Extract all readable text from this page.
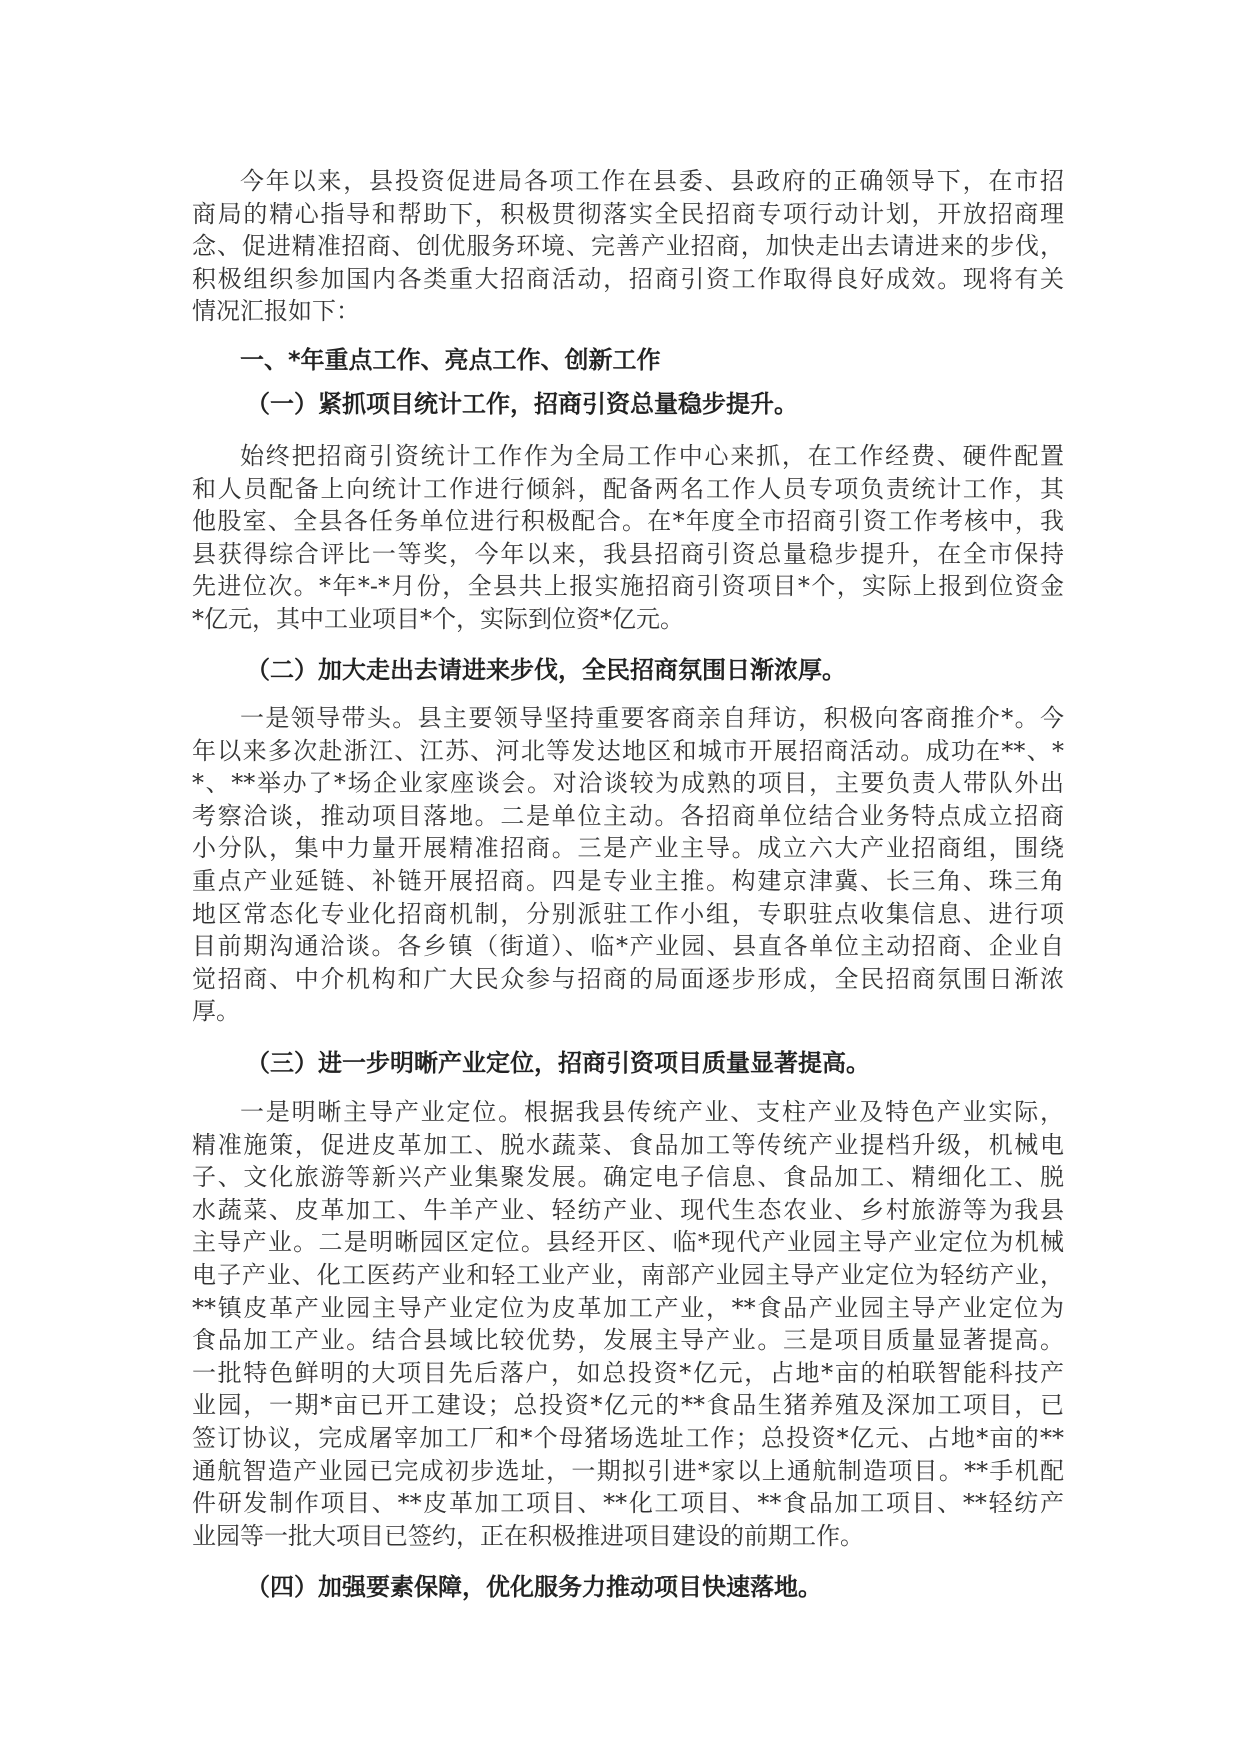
今年以来，县投资促进局各项工作在县委、县政府的正确领导下，在市招
商局的精心指导和帮助下，积极贯彻落实全民招商专项行动计划，开放招商理
念、促进精准招商、创优服务环境、完善产业招商，加快走出去请进来的步伐，
积极组织参加国内各类重大招商活动，招商引资工作取得良好成效。现将有关
情况汇报如下：
一、*年重点工作、亮点工作、创新工作
（一）紧抓项目统计工作，招商引资总量稳步提升。
始终把招商引资统计工作作为全局工作中心来抓，在工作经费、硬件配置
和人员配备上向统计工作进行倾斜，配备两名工作人员专项负责统计工作，其
他股室、全县各任务单位进行积极配合。在*年度全市招商引资工作考核中，我
县获得综合评比一等奖，今年以来，我县招商引资总量稳步提升，在全市保持
先进位次。*年*-*月份，全县共上报实施招商引资项目*个，实际上报到位资金
*亿元，其中工业项目*个，实际到位资*亿元。
（二）加大走出去请进来步伐，全民招商氛围日渐浓厚。
一是领导带头。县主要领导坚持重要客商亲自拜访，积极向客商推介*。今
年以来多次赴浙江、江苏、河北等发达地区和城市开展招商活动。成功在**、*
*、**举办了*场企业家座谈会。对洽谈较为成熟的项目，主要负责人带队外出
考察洽谈，推动项目落地。二是单位主动。各招商单位结合业务特点成立招商
小分队，集中力量开展精准招商。三是产业主导。成立六大产业招商组，围绕
重点产业延链、补链开展招商。四是专业主推。构建京津冀、长三角、珠三角
地区常态化专业化招商机制，分别派驻工作小组，专职驻点收集信息、进行项
目前期沟通洽谈。各乡镇（街道）、临*产业园、县直各单位主动招商、企业自
觉招商、中介机构和广大民众参与招商的局面逐步形成，全民招商氛围日渐浓
厚。
（三）进一步明晰产业定位，招商引资项目质量显著提高。
一是明晰主导产业定位。根据我县传统产业、支柱产业及特色产业实际，
精准施策，促进皮革加工、脱水蔬菜、食品加工等传统产业提档升级，机械电
子、文化旅游等新兴产业集聚发展。确定电子信息、食品加工、精细化工、脱
水蔬菜、皮革加工、牛羊产业、轻纺产业、现代生态农业、乡村旅游等为我县
主导产业。二是明晰园区定位。县经开区、临*现代产业园主导产业定位为机械
电子产业、化工医药产业和轻工业产业，南部产业园主导产业定位为轻纺产业，
**镇皮革产业园主导产业定位为皮革加工产业，**食品产业园主导产业定位为
食品加工产业。结合县域比较优势，发展主导产业。三是项目质量显著提高。
一批特色鲜明的大项目先后落户，如总投资*亿元，占地*亩的柏联智能科技产
业园，一期*亩已开工建设；总投资*亿元的**食品生猪养殖及深加工项目，已
签订协议，完成屠宰加工厂和*个母猪场选址工作；总投资*亿元、占地*亩的**
通航智造产业园已完成初步选址，一期拟引进*家以上通航制造项目。**手机配
件研发制作项目、**皮革加工项目、**化工项目、**食品加工项目、**轻纺产
业园等一批大项目已签约，正在积极推进项目建设的前期工作。
（四）加强要素保障，优化服务力推动项目快速落地。
